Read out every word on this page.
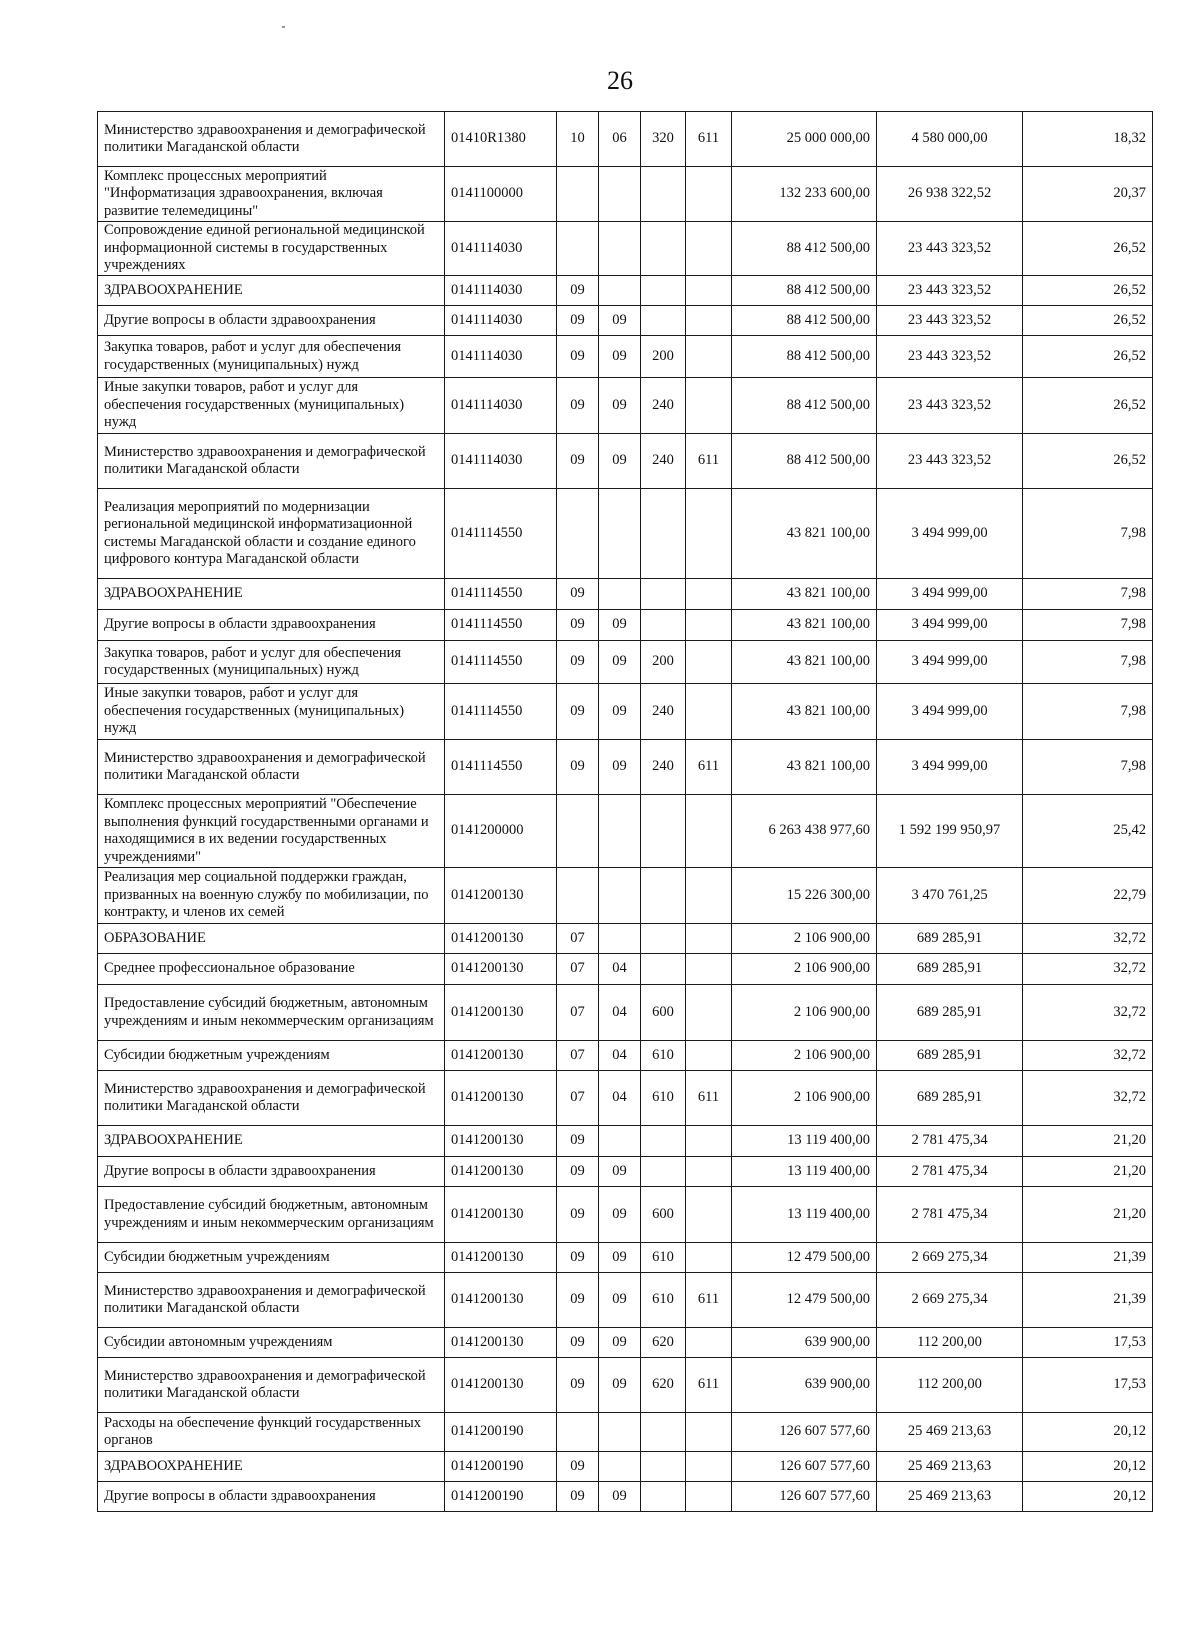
26
Министерство здравоохранения и демографической политики Магаданской области	01410R1380	10	06	320	611	25 000 000,00	4 580 000,00	18,32
Комплекс процессных мероприятий "Информатизация здравоохранения, включая развитие телемедицины"	0141100000					132 233 600,00	26 938 322,52	20,37
Сопровождение единой региональной медицинской информационной системы в государственных учреждениях	0141114030					88 412 500,00	23 443 323,52	26,52
ЗДРАВООХРАНЕНИЕ	0141114030	09				88 412 500,00	23 443 323,52	26,52
Другие вопросы в области здравоохранения	0141114030	09	09			88 412 500,00	23 443 323,52	26,52
Закупка товаров, работ и услуг для обеспечения государственных (муниципальных) нужд	0141114030	09	09	200		88 412 500,00	23 443 323,52	26,52
Иные закупки товаров, работ и услуг для обеспечения государственных (муниципальных) нужд	0141114030	09	09	240		88 412 500,00	23 443 323,52	26,52
Министерство здравоохранения и демографической политики Магаданской области	0141114030	09	09	240	611	88 412 500,00	23 443 323,52	26,52
Реализация мероприятий по модернизации региональной медицинской информатизационной системы Магаданской области и создание единого цифрового контура Магаданской области	0141114550					43 821 100,00	3 494 999,00	7,98
ЗДРАВООХРАНЕНИЕ	0141114550	09				43 821 100,00	3 494 999,00	7,98
Другие вопросы в области здравоохранения	0141114550	09	09			43 821 100,00	3 494 999,00	7,98
Закупка товаров, работ и услуг для обеспечения государственных (муниципальных) нужд	0141114550	09	09	200		43 821 100,00	3 494 999,00	7,98
Иные закупки товаров, работ и услуг для обеспечения государственных (муниципальных) нужд	0141114550	09	09	240		43 821 100,00	3 494 999,00	7,98
Министерство здравоохранения и демографической политики Магаданской области	0141114550	09	09	240	611	43 821 100,00	3 494 999,00	7,98
Комплекс процессных мероприятий "Обеспечение выполнения функций государственными органами и находящимися в их ведении государственных учреждениями"	0141200000					6 263 438 977,60	1 592 199 950,97	25,42
Реализация мер социальной поддержки граждан, призванных на военную службу по мобилизации, по контракту, и членов их семей	0141200130					15 226 300,00	3 470 761,25	22,79
ОБРАЗОВАНИЕ	0141200130	07				2 106 900,00	689 285,91	32,72
Среднее профессиональное образование	0141200130	07	04			2 106 900,00	689 285,91	32,72
Предоставление субсидий бюджетным, автономным учреждениям и иным некоммерческим организациям	0141200130	07	04	600		2 106 900,00	689 285,91	32,72
Субсидии бюджетным учреждениям	0141200130	07	04	610		2 106 900,00	689 285,91	32,72
Министерство здравоохранения и демографической политики Магаданской области	0141200130	07	04	610	611	2 106 900,00	689 285,91	32,72
ЗДРАВООХРАНЕНИЕ	0141200130	09				13 119 400,00	2 781 475,34	21,20
Другие вопросы в области здравоохранения	0141200130	09	09			13 119 400,00	2 781 475,34	21,20
Предоставление субсидий бюджетным, автономным учреждениям и иным некоммерческим организациям	0141200130	09	09	600		13 119 400,00	2 781 475,34	21,20
Субсидии бюджетным учреждениям	0141200130	09	09	610		12 479 500,00	2 669 275,34	21,39
Министерство здравоохранения и демографической политики Магаданской области	0141200130	09	09	610	611	12 479 500,00	2 669 275,34	21,39
Субсидии автономным учреждениям	0141200130	09	09	620		639 900,00	112 200,00	17,53
Министерство здравоохранения и демографической политики Магаданской области	0141200130	09	09	620	611	639 900,00	112 200,00	17,53
Расходы на обеспечение функций государственных органов	0141200190					126 607 577,60	25 469 213,63	20,12
ЗДРАВООХРАНЕНИЕ	0141200190	09				126 607 577,60	25 469 213,63	20,12
Другие вопросы в области здравоохранения	0141200190	09	09			126 607 577,60	25 469 213,63	20,12
